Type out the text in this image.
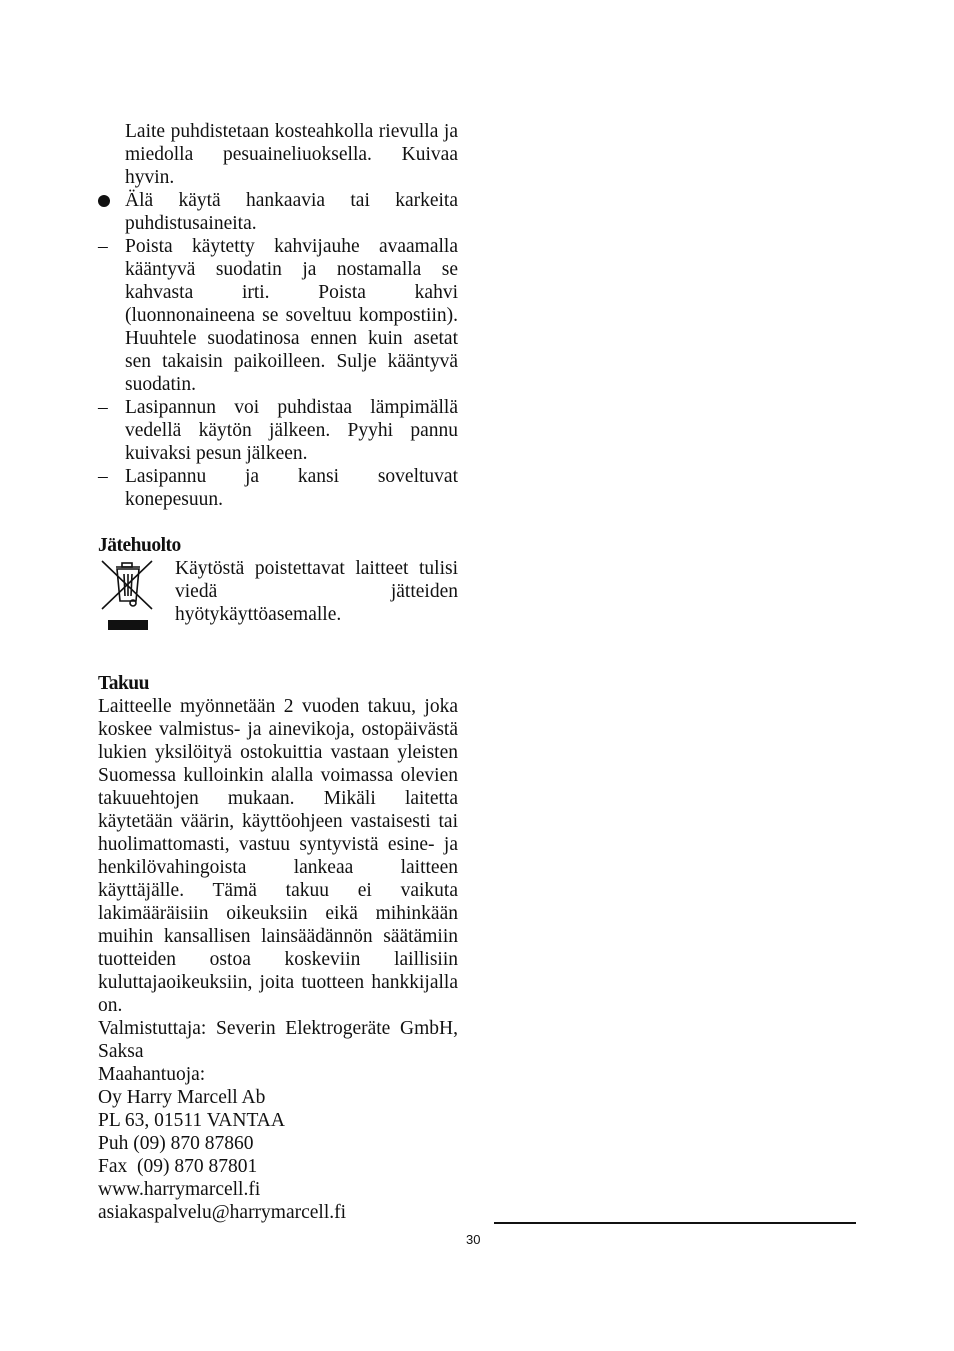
Laite puhdistetaan kosteahkolla rievulla ja miedolla pesuaineliuoksella. Kuivaa hyvin.
Älä käytä hankaavia tai karkeita puhdistusaineita.
– Poista käytetty kahvijauhe avaamalla kääntyvä suodatin ja nostamalla se kahvasta irti. Poista kahvi (luonnonaineena se soveltuu kompostiin). Huuhtele suodatinosa ennen kuin asetat sen takaisin paikoilleen. Sulje kääntyvä suodatin.
– Lasipannun voi puhdistaa lämpimällä vedellä käytön jälkeen. Pyyhi pannu kuivaksi pesun jälkeen.
– Lasipannu ja kansi soveltuvat konepesuun.
Jätehuolto
Käytöstä poistettavat laitteet tulisi viedä jätteiden hyötykäyttöasemalle.
Takuu
Laitteelle myönnetään 2 vuoden takuu, joka koskee valmistus- ja ainevikoja, ostopäivästä lukien yksilöityä ostokuittia vastaan yleisten Suomessa kulloinkin alalla voimassa olevien takuuehtojen mukaan. Mikäli laitetta käytetään väärin, käyttöohjeen vastaisesti tai huolimattomasti, vastuu syntyvistä esine- ja henkilövahingoista lankeaa laitteen käyttäjälle. Tämä takuu ei vaikuta lakimääräisiin oikeuksiin eikä mihinkään muihin kansallisen lainsäädännön säätämiin tuotteiden ostoa koskeviin laillisiin kuluttajaoikeuksiin, joita tuotteen hankkijalla on.
Valmistuttaja: Severin Elektrogeräte GmbH, Saksa
Maahantuoja:
Oy Harry Marcell Ab
PL 63, 01511 VANTAA
Puh (09) 870 87860
Fax  (09) 870 87801
www.harrymarcell.fi
asiakaspalvelu@harrymarcell.fi
30
